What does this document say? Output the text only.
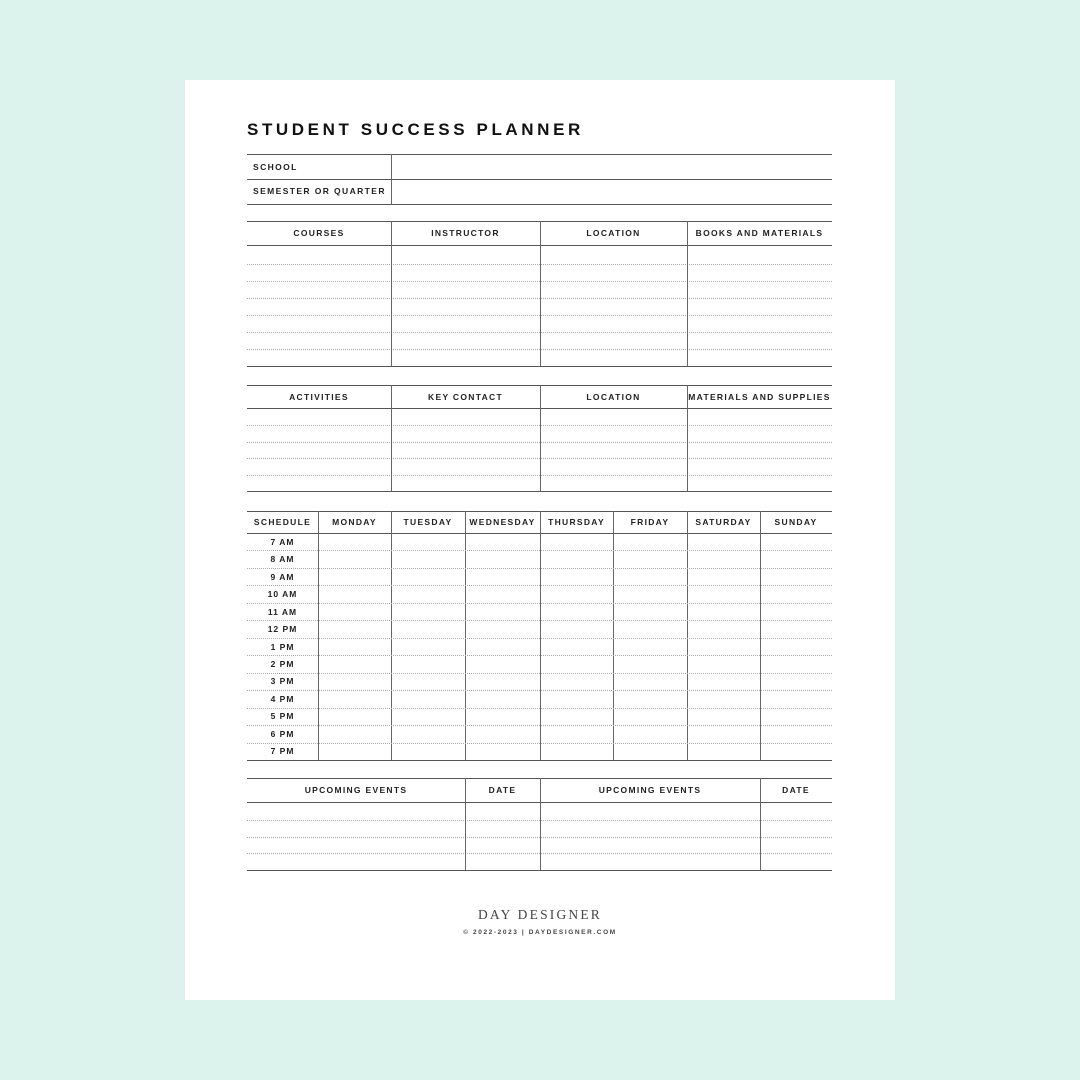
STUDENT SUCCESS PLANNER
SCHOOL
SEMESTER OR QUARTER
COURSES	INSTRUCTOR	LOCATION	BOOKS AND MATERIALS
ACTIVITIES	KEY CONTACT	LOCATION	MATERIALS AND SUPPLIES
SCHEDULE	MONDAY	TUESDAY	WEDNESDAY	THURSDAY	FRIDAY	SATURDAY	SUNDAY
7 AM
8 AM
9 AM
10 AM
11 AM
12 PM
1 PM
2 PM
3 PM
4 PM
5 PM
6 PM
7 PM
UPCOMING EVENTS	DATE	UPCOMING EVENTS	DATE
DAY DESIGNER
© 2022-2023 | DAYDESIGNER.COM
